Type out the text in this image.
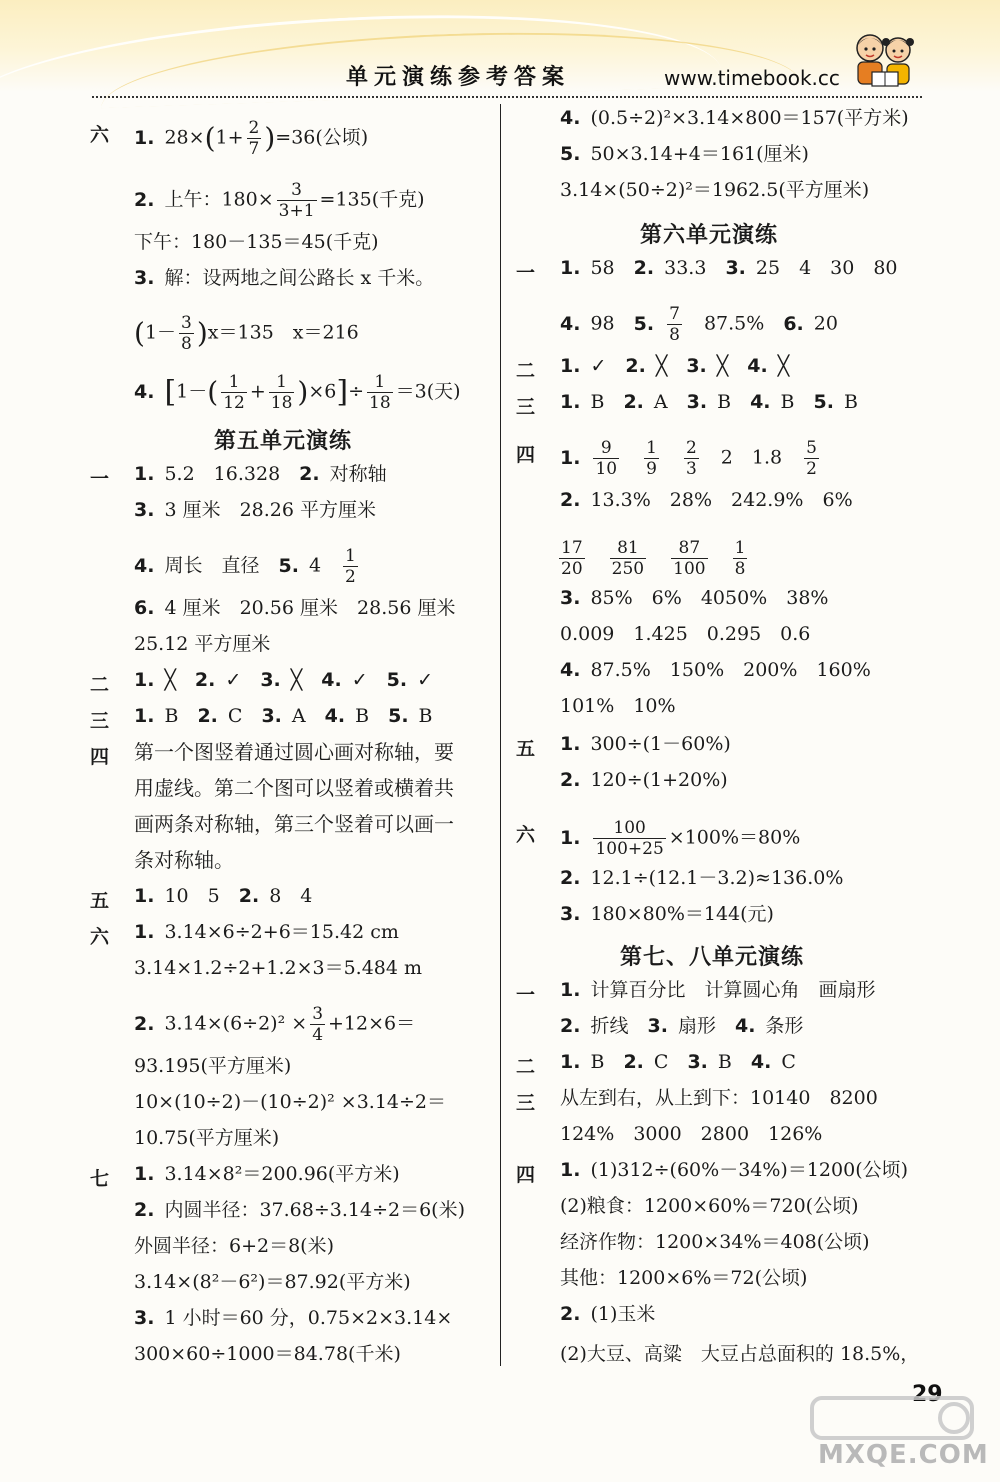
单元演练参考答案	www.timebook.cc
六 1. $28\times(1+ \frac{2}{7} )=36$(公顷)
2. 上午：$180\times \frac{3}{3+1} =135$(千克)
下午：180－135＝45(千克)
3. 解：设两地之间公路长 x 千米。
$(1- \frac{3}{8} )x=135$　x＝216
4. $[1-( \frac{1}{12} + \frac{1}{18} )\times 6]\div \frac{1}{18} =3$(天)
第五单元演练
一 1. 5.2　16.328　 2. 对称轴
3. 3 厘米　28.26 平方厘米
4. 周长　直径　 5. 4　 $\frac{1}{2}$
6. 4 厘米　20.56 厘米　28.56 厘米
25.12 平方厘米
二 1. ╳　 2. ✓　 3. ╳　 4. ✓　 5. ✓
三 1. B　 2. C　 3. A　 4. B　 5. B
四 第一个图竖着通过圆心画对称轴，要
用虚线。第二个图可以竖着或横着共
画两条对称轴，第三个竖着可以画一
条对称轴。
五 1. 10　5　 2. 8　4
六 1. 3.14×6÷2+6＝15.42 cm
3.14×1.2÷2+1.2×3＝5.484 m
2. $3.14\times(6\div 2)^2 \times \frac{3}{4} +12\times 6=$
93.195(平方厘米)
10×(10÷2)－(10÷2)² ×3.14÷2＝
10.75(平方厘米)
七 1. 3.14×8²＝200.96(平方米)
2. 内圆半径：37.68÷3.14÷2＝6(米)
外圆半径：6+2＝8(米)
3.14×(8²－6²)＝87.92(平方米)
3. 1 小时＝60 分，0.75×2×3.14×
300×60÷1000＝84.78(千米)
4. (0.5÷2)²×3.14×800＝157(平方米)
5. 50×3.14+4＝161(厘米)
3.14×(50÷2)²＝1962.5(平方厘米)
第六单元演练
一 1. 58　 2. 33.3　 3. 25　4　30　80
4. 98　 5. $\frac{7}{8}$
　 87.5%　 6. 20
二 1. ✓　 2. ╳　 3. ╳　 4. ╳
三 1. B　 2. A　 3. B　 4. B　 5. B
四 1. $\frac{9}{10}$
　 $\frac{1}{9}$
　 $\frac{2}{3}$
　 2　1.8　 $\frac{5}{2}$
2. 13.3%　28%　242.9%　6%
$\frac{17}{20}$
　 $\frac{81}{250}$
　 $\frac{87}{100}$
　 $\frac{1}{8}$
3. 85%　6%　4050%　38%
0.009　1.425　0.295　0.6
4. 87.5%　150%　200%　160%
101%　10%
五 1. 300÷(1－60%)
2. 120÷(1+20%)
六 1. $\frac{100}{100+25} \times 100\%=80\%$
2. 12.1÷(12.1－3.2)≈136.0%
3. 180×80%＝144(元)
第七、八单元演练
一 1. 计算百分比　计算圆心角　画扇形
2. 折线　 3. 扇形　 4. 条形
二 1. B　 2. C　 3. B　 4. C
三 从左到右，从上到下：10140　8200
124%　3000　2800　126%
四 1. (1)312÷(60%－34%)＝1200(公顷)
(2)粮食：1200×60%＝720(公顷)
经济作物：1200×34%＝408(公顷)
其他：1200×6%＝72(公顷)
2. (1)玉米
(2)大豆、高粱　大豆占总面积的 18.5%，
29
MXQE.COM
